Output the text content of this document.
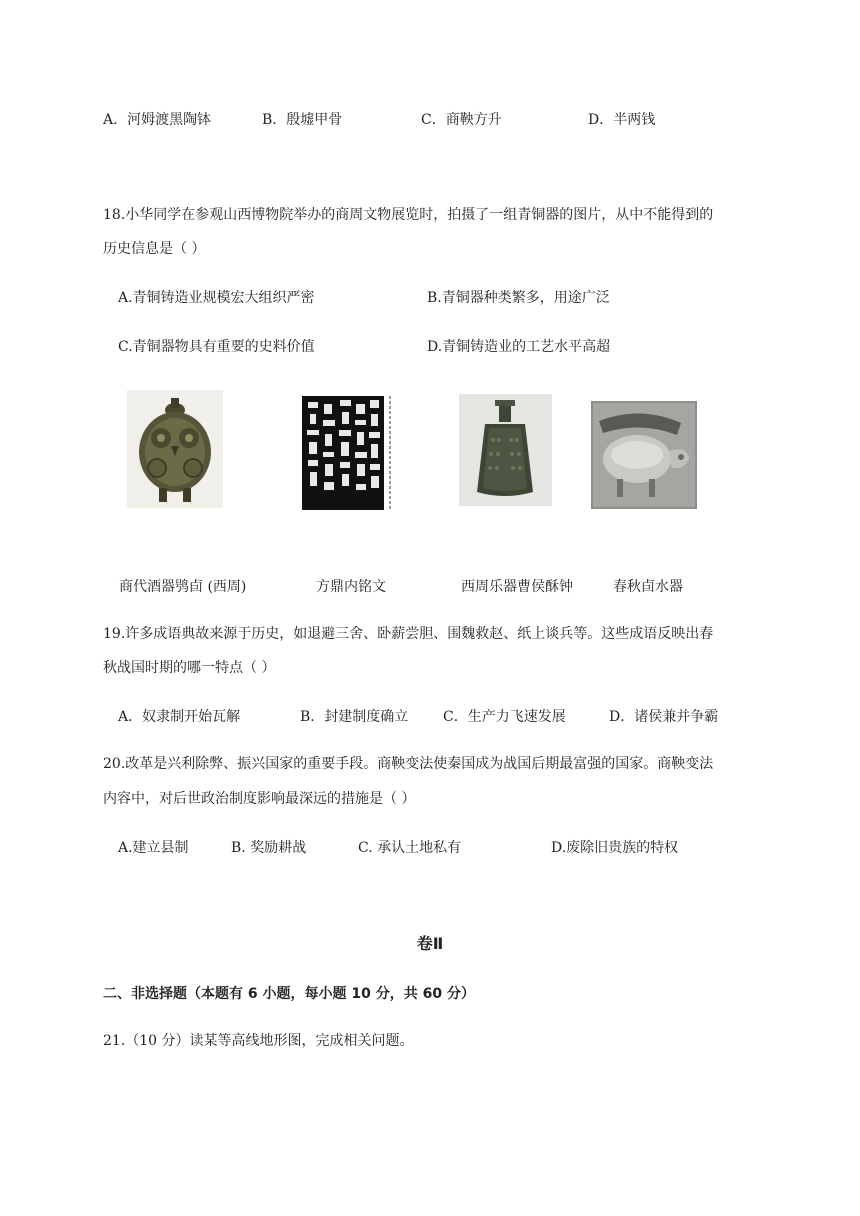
A．河姆渡黑陶钵	B．殷墟甲骨	C．商鞅方升	D．半两钱
18.小华同学在参观山西博物院举办的商周文物展览时，拍摄了一组青铜器的图片，从中不能得到的
历史信息是（ ）
A.青铜铸造业规模宏大组织严密	B.青铜器种类繁多，用途广泛
C.青铜器物具有重要的史料价值	D.青铜铸造业的工艺水平高超
商代酒器鸮卣 (西周)	方鼎内铭文	西周乐器曹侯酥钟	春秋卣水器
19.许多成语典故来源于历史，如退避三舍、卧薪尝胆、围魏救赵、纸上谈兵等。这些成语反映出春
秋战国时期的哪一特点（ ）
A．奴隶制开始瓦解	B．封建制度确立 C．生产力飞速发展	D．诸侯兼并争霸
20.改革是兴利除弊、振兴国家的重要手段。商鞅变法使秦国成为战国后期最富强的国家。商鞅变法
内容中，对后世政治制度影响最深远的措施是（ ）
A.建立县制	B. 奖励耕战	C. 承认土地私有	D.废除旧贵族的特权
卷Ⅱ
二、非选择题（本题有 6 小题，每小题 10 分，共 60 分）
21.（10 分）读某等高线地形图，完成相关问题。
